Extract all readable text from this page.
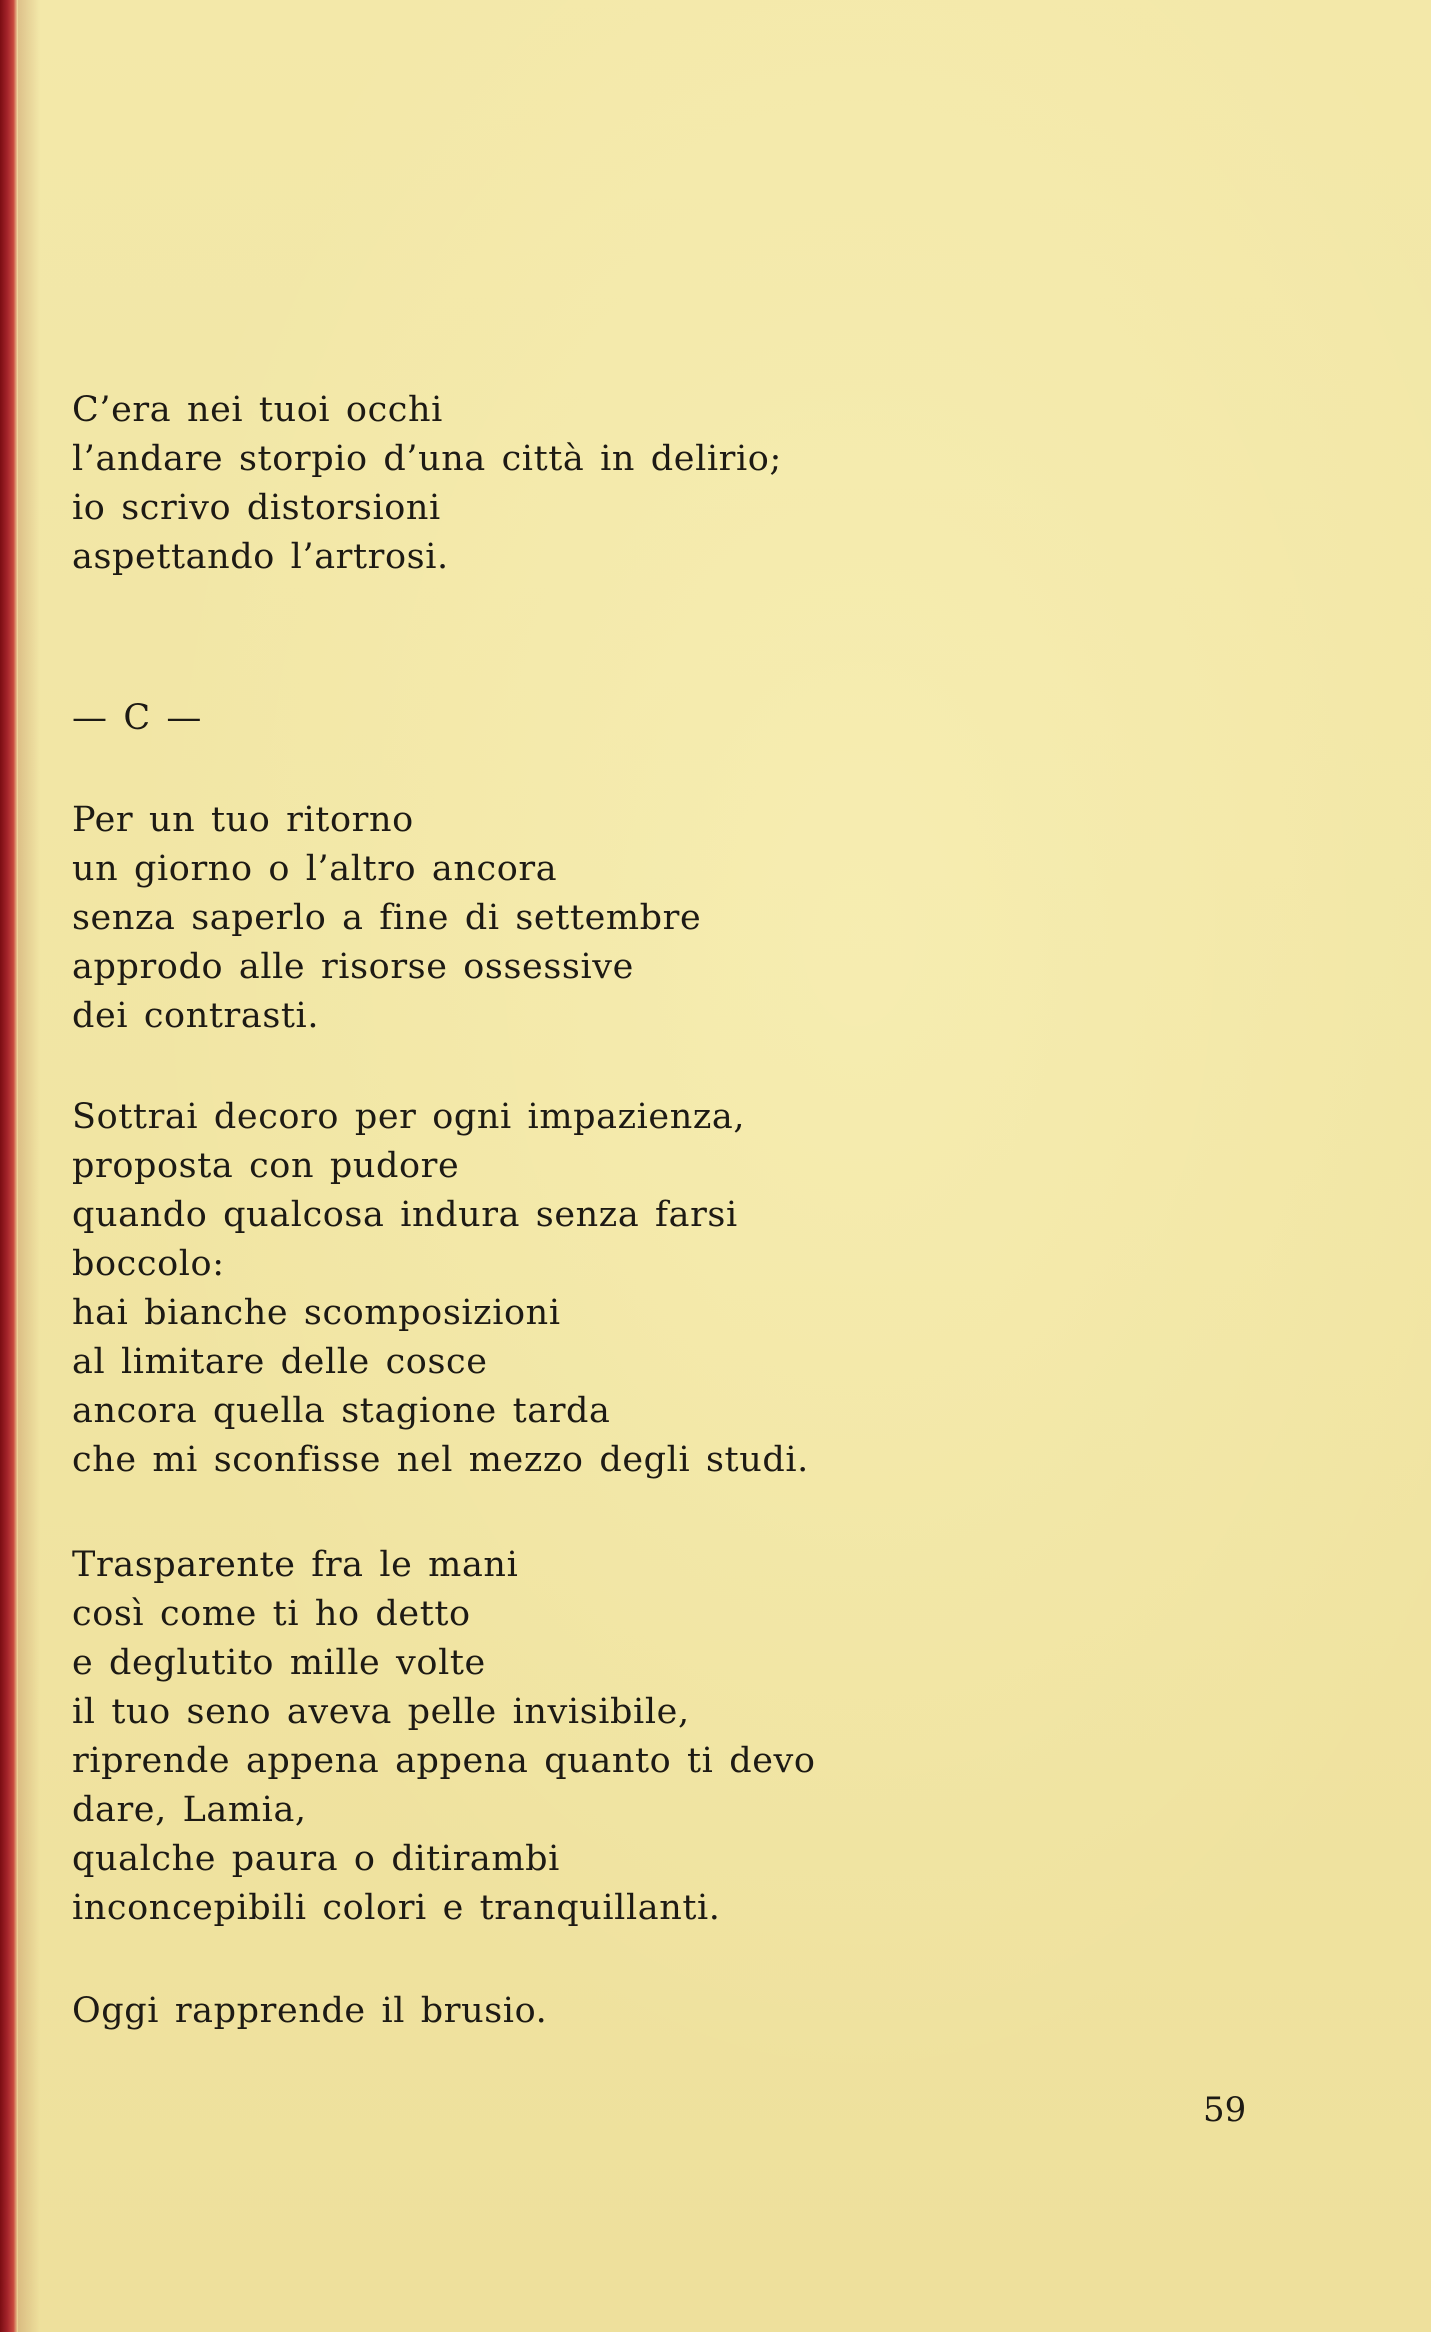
C’era nei tuoi occhi
l’andare storpio d’una città in delirio;
io scrivo distorsioni
aspettando l’artrosi.
— C —
Per un tuo ritorno
un giorno o l’altro ancora
senza saperlo a fine di settembre
approdo alle risorse ossessive
dei contrasti.
Sottrai decoro per ogni impazienza,
proposta con pudore
quando qualcosa indura senza farsi
boccolo:
hai bianche scomposizioni
al limitare delle cosce
ancora quella stagione tarda
che mi sconfisse nel mezzo degli studi.
Trasparente fra le mani
così come ti ho detto
e deglutito mille volte
il tuo seno aveva pelle invisibile,
riprende appena appena quanto ti devo
dare, Lamia,
qualche paura o ditirambi
inconcepibili colori e tranquillanti.
Oggi rapprende il brusio.
59
